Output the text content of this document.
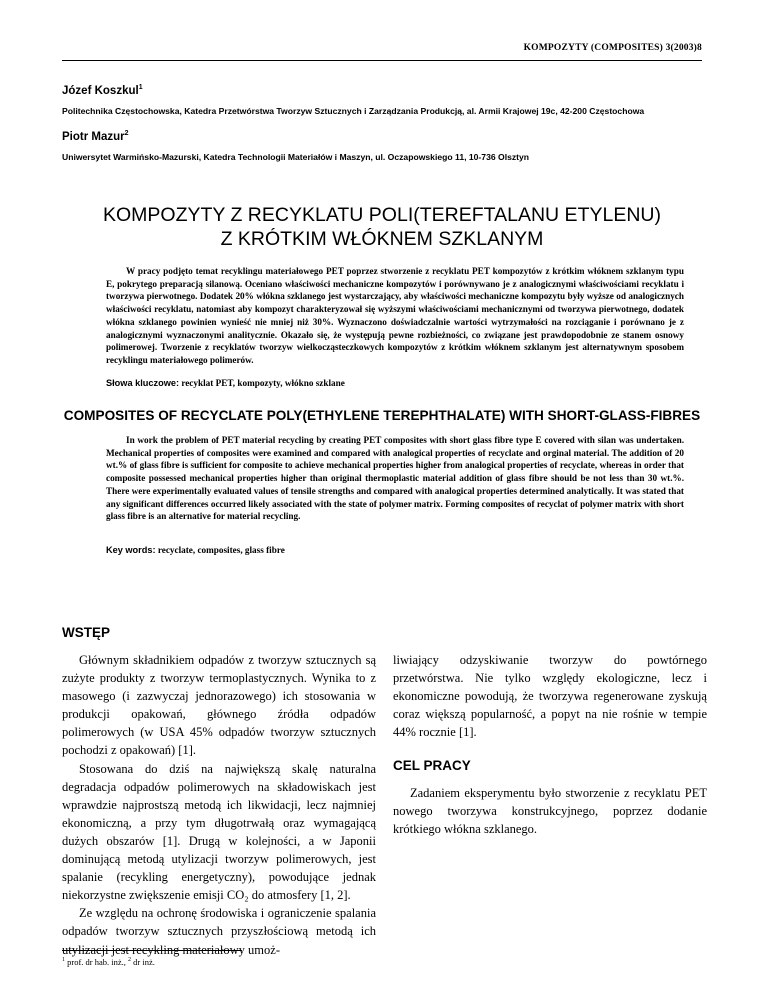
KOMPOZYTY (COMPOSITES) 3(2003)8
Józef Koszkul$^1$
Politechnika Częstochowska, Katedra Przetwórstwa Tworzyw Sztucznych i Zarządzania Produkcją, al. Armii Krajowej 19c, 42-200 Częstochowa
Piotr Mazur$^2$
Uniwersytet Warmińsko-Mazurski, Katedra Technologii Materiałów i Maszyn, ul. Oczapowskiego 11, 10-736 Olsztyn
KOMPOZYTY Z RECYKLATU POLI(TEREFTALANU ETYLENU)
Z KRÓTKIM WŁÓKNEM SZKLANYM
W pracy podjęto temat recyklingu materiałowego PET poprzez stworzenie z recyklatu PET kompozytów z krótkim włóknem szklanym typu E, pokrytego preparacją silanową. Oceniano właściwości mechaniczne kompozytów i porównywano je z analogicznymi właściwościami recyklatu i tworzywa pierwotnego. Dodatek 20% włókna szklanego jest wystarczający, aby właściwości mechaniczne kompozytu były wyższe od analogicznych właściwości recyklatu, natomiast aby kompozyt charakteryzował się wyższymi właściwościami mechanicznymi od tworzywa pierwotnego, dodatek włókna szklanego powinien wynieść nie mniej niż 30%. Wyznaczono doświadczalnie wartości wytrzymałości na rozciąganie i porównano je z analogicznymi wyznaczonymi analitycznie. Okazało się, że występują pewne rozbieżności, co związane jest prawdopodobnie ze stanem osnowy polimerowej. Tworzenie z recyklatów tworzyw wielkocząsteczkowych kompozytów z krótkim włóknem szklanym jest alternatywnym sposobem recyklingu materiałowego polimerów.
Słowa kluczowe: recyklat PET, kompozyty, włókno szklane
COMPOSITES OF RECYCLATE POLY(ETHYLENE TEREPHTHALATE) WITH SHORT-GLASS-FIBRES
In work the problem of PET material recycling by creating PET composites with short glass fibre type E covered with silan was undertaken. Mechanical properties of composites were examined and compared with analogical properties of recyclate and orginal material. The addition of 20 wt.% of glass fibre is sufficient for composite to achieve mechanical properties higher from analogical properties of recyclate, whereas in order that composite possessed mechanical properties higher than original thermoplastic material addition of glass fibre should be not less than 30 wt.%. There were experimentally evaluated values of tensile strengths and compared with analogical properties determined analytically. It was stated that any significant differences occurred likely associated with the state of polymer matrix. Forming composites of recyclat of polymer matrix with short glass fibre is an alternative for material recycling.
Key words: recyclate, composites, glass fibre
WSTĘP

Głównym składnikiem odpadów z tworzyw sztucznych są zużyte produkty z tworzyw termoplastycznych. Wynika to z masowego (i zazwyczaj jednorazowego) ich stosowania w produkcji opakowań, głównego źródła odpadów polimerowych (w USA 45% odpadów tworzyw sztucznych pochodzi z opakowań) [1].

Stosowana do dziś na największą skalę naturalna degradacja odpadów polimerowych na składowiskach jest wprawdzie najprostszą metodą ich likwidacji, lecz najmniej ekonomiczną, a przy tym długotrwałą oraz wymagającą dużych obszarów [1]. Drugą w kolejności, a w Japonii dominującą metodą utylizacji tworzyw polimerowych, jest spalanie (recykling energetyczny), powodujące jednak niekorzystne zwiększenie emisji CO₂ do atmosfery [1, 2].

Ze względu na ochronę środowiska i ograniczenie spalania odpadów tworzyw sztucznych przyszłościową metodą ich utylizacji jest recykling materiałowy umoż-

liwiający odzyskiwanie tworzyw do powtórnego przetwórstwa. Nie tylko względy ekologiczne, lecz i ekonomiczne powodują, że tworzywa regenerowane zyskują coraz większą popularność, a popyt na nie rośnie w tempie 44% rocznie [1].

CEL PRACY

Zadaniem eksperymentu było stworzenie z recyklatu PET nowego tworzywa konstrukcyjnego, poprzez dodanie krótkiego włókna szklanego.

$^1$ prof. dr hab. inż., $^2$ dr inż.
